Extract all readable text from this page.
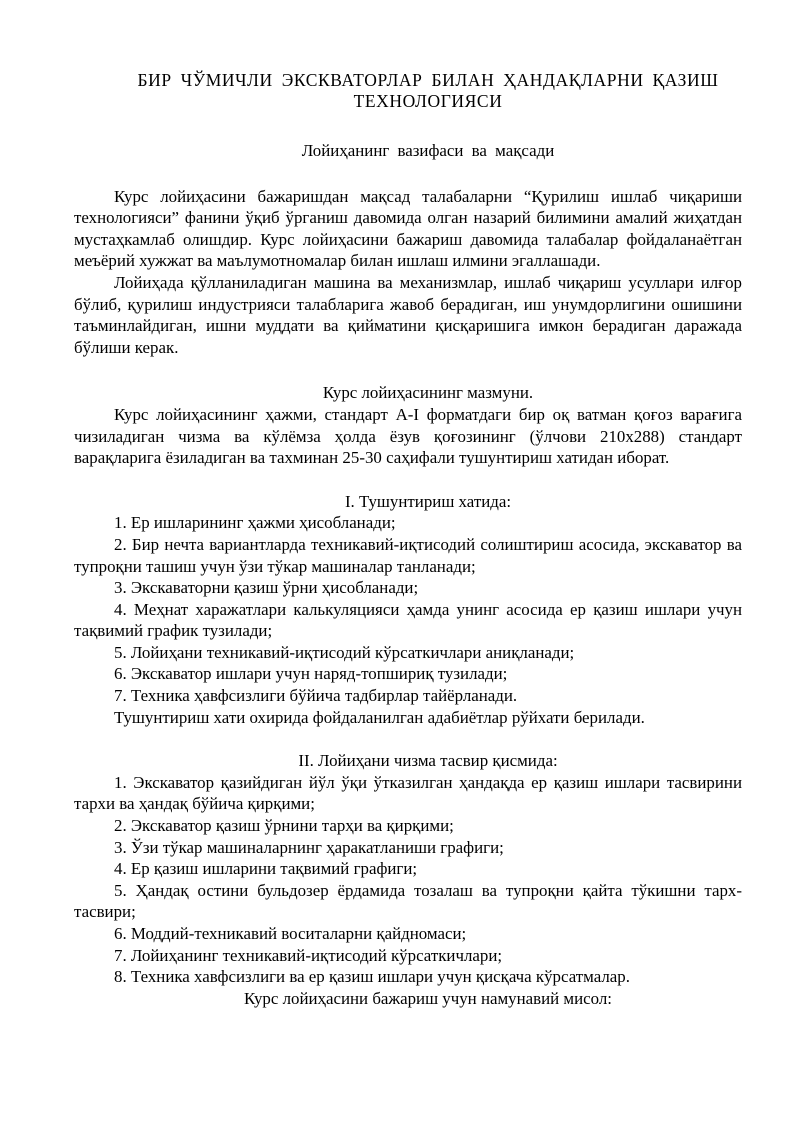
БИР ЧЎМИЧЛИ ЭКСКВАТОРЛАР БИЛАН ҲАНДАҚЛАРНИ ҚАЗИШ
ТЕХНОЛОГИЯСИ
Лойиҳанинг вазифаси ва мақсади

Курс лойиҳасини бажаришдан мақсад талабаларни “Қурилиш ишлаб чиқариши технологияси” фанини ўқиб ўрганиш давомида олган назарий билимини амалий жиҳатдан мустаҳкамлаб олишдир. Курс лойиҳасини бажариш давомида талабалар фойдаланаётган меъёрий хужжат ва маълумотномалар билан ишлаш илмини эгаллашади.

Лойиҳада қўлланиладиган машина ва механизмлар, ишлаб чиқариш усуллари илғор бўлиб, қурилиш индустрияси талабларига жавоб берадиган, иш унумдорлигини ошишини таъминлайдиган, ишни муддати ва қийматини қисқаришига имкон берадиган даражада бўлиши керак.

Курс лойиҳасининг мазмуни.

Курс лойиҳасининг ҳажми, стандарт А-I форматдаги бир оқ ватман қоғоз варағига чизиладиган чизма ва кўлёмза ҳолда ёзув қоғозининг (ўлчови 210x288) стандарт варақларига ёзиладиган ва тахминан 25-30 саҳифали тушунтириш хатидан иборат.

I. Тушунтириш хатида:

1. Ер ишларининг ҳажми ҳисобланади;

2. Бир нечта вариантларда техникавий-иқтисодий солиштириш асосида, экскаватор ва тупроқни ташиш учун ўзи тўкар машиналар танланади;

3. Экскаваторни қазиш ўрни ҳисобланади;

4. Меҳнат харажатлари калькуляцияси ҳамда унинг асосида ер қазиш ишлари учун тақвимий график тузилади;

5. Лойиҳани техникавий-иқтисодий кўрсаткичлари аниқланади;

6. Экскаватор ишлари учун наряд-топшириқ тузилади;

7. Техника ҳавфсизлиги бўйича тадбирлар тайёрланади.

Тушунтириш хати охирида фойдаланилган адабиётлар рўйхати берилади.

II. Лойиҳани чизма тасвир қисмида:

1. Экскаватор қазийдиган йўл ўқи ўтказилган ҳандақда ер қазиш ишлари тасвирини тархи ва ҳандақ бўйича қирқими;

2. Экскаватор қазиш ўрнини тарҳи ва қирқими;

3. Ўзи тўкар машиналарнинг ҳаракатланиши графиги;

4. Ер қазиш ишларини тақвимий графиги;

5. Ҳандақ остини бульдозер ёрдамида тозалаш ва тупроқни қайта тўкишни тарх-тасвири;

6. Моддий-техникавий воситаларни қайдномаси;

7. Лойиҳанинг техникавий-иқтисодий кўрсаткичлари;

8. Техника хавфсизлиги ва ер қазиш ишлари учун қисқача кўрсатмалар.

Курс лойиҳасини бажариш учун намунавий мисол:
